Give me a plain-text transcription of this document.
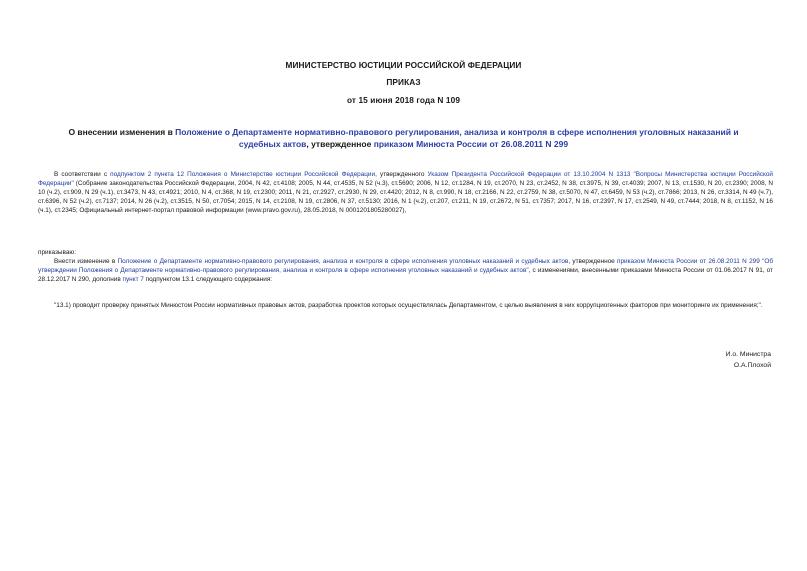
МИНИСТЕРСТВО ЮСТИЦИИ РОССИЙСКОЙ ФЕДЕРАЦИИ
ПРИКАЗ
от 15 июня 2018 года N 109
О внесении изменения в Положение о Департаменте нормативно-правового регулирования, анализа и контроля в сфере исполнения уголовных наказаний и судебных актов, утвержденное приказом Минюста России от 26.08.2011 N 299

В соответствии с подпунктом 2 пункта 12 Положения о Министерстве юстиции Российской Федерации, утвержденного Указом Президента Российской Федерации от 13.10.2004 N 1313 "Вопросы Министерства юстиции Российской Федерации" (Собрание законодательства Российской Федерации, 2004, N 42, ст.4108; 2005, N 44, ст.4535, N 52 (ч.3), ст.5690; 2006, N 12, ст.1284, N 19, ст.2070, N 23, ст.2452, N 38, ст.3975, N 39, ст.4039; 2007, N 13, ст.1530, N 20, ст.2390; 2008, N 10 (ч.2), ст.909, N 29 (ч.1), ст.3473, N 43, ст.4921; 2010, N 4, ст.368, N 19, ст.2300; 2011, N 21, ст.2927, ст.2930, N 29, ст.4420; 2012, N 8, ст.990, N 18, ст.2166, N 22, ст.2759, N 38, ст.5070, N 47, ст.6459, N 53 (ч.2), ст.7866; 2013, N 26, ст.3314, N 49 (ч.7), ст.6396, N 52 (ч.2), ст.7137; 2014, N 26 (ч.2), ст.3515, N 50, ст.7054; 2015, N 14, ст.2108, N 19, ст.2806, N 37, ст.5130; 2016, N 1 (ч.2), ст.207, ст.211, N 19, ст.2672, N 51, ст.7357; 2017, N 16, ст.2397, N 17, ст.2549, N 49, ст.7444; 2018, N 8, ст.1152, N 16 (ч.1), ст.2345; Официальный интернет-портал правовой информации (www.pravo.gov.ru), 28.05.2018, N 0001201805280027),

приказываю:

Внести изменение в Положение о Департаменте нормативно-правового регулирования, анализа и контроля в сфере исполнения уголовных наказаний и судебных актов, утвержденное приказом Минюста России от 26.08.2011 N 299 "Об утверждении Положения о Департаменте нормативно-правового регулирования, анализа и контроля в сфере исполнения уголовных наказаний и судебных актов", с изменениями, внесенными приказами Минюста России от 01.06.2017 N 91, от 28.12.2017 N 290, дополнив пункт 7 подпунктом 13.1 следующего содержания:

"13.1) проводит проверку принятых Минюстом России нормативных правовых актов, разработка проектов которых осуществлялась Департаментом, с целью выявления в них коррупциогенных факторов при мониторинге их применения;".

И.о. Министра
О.А.Плохой
